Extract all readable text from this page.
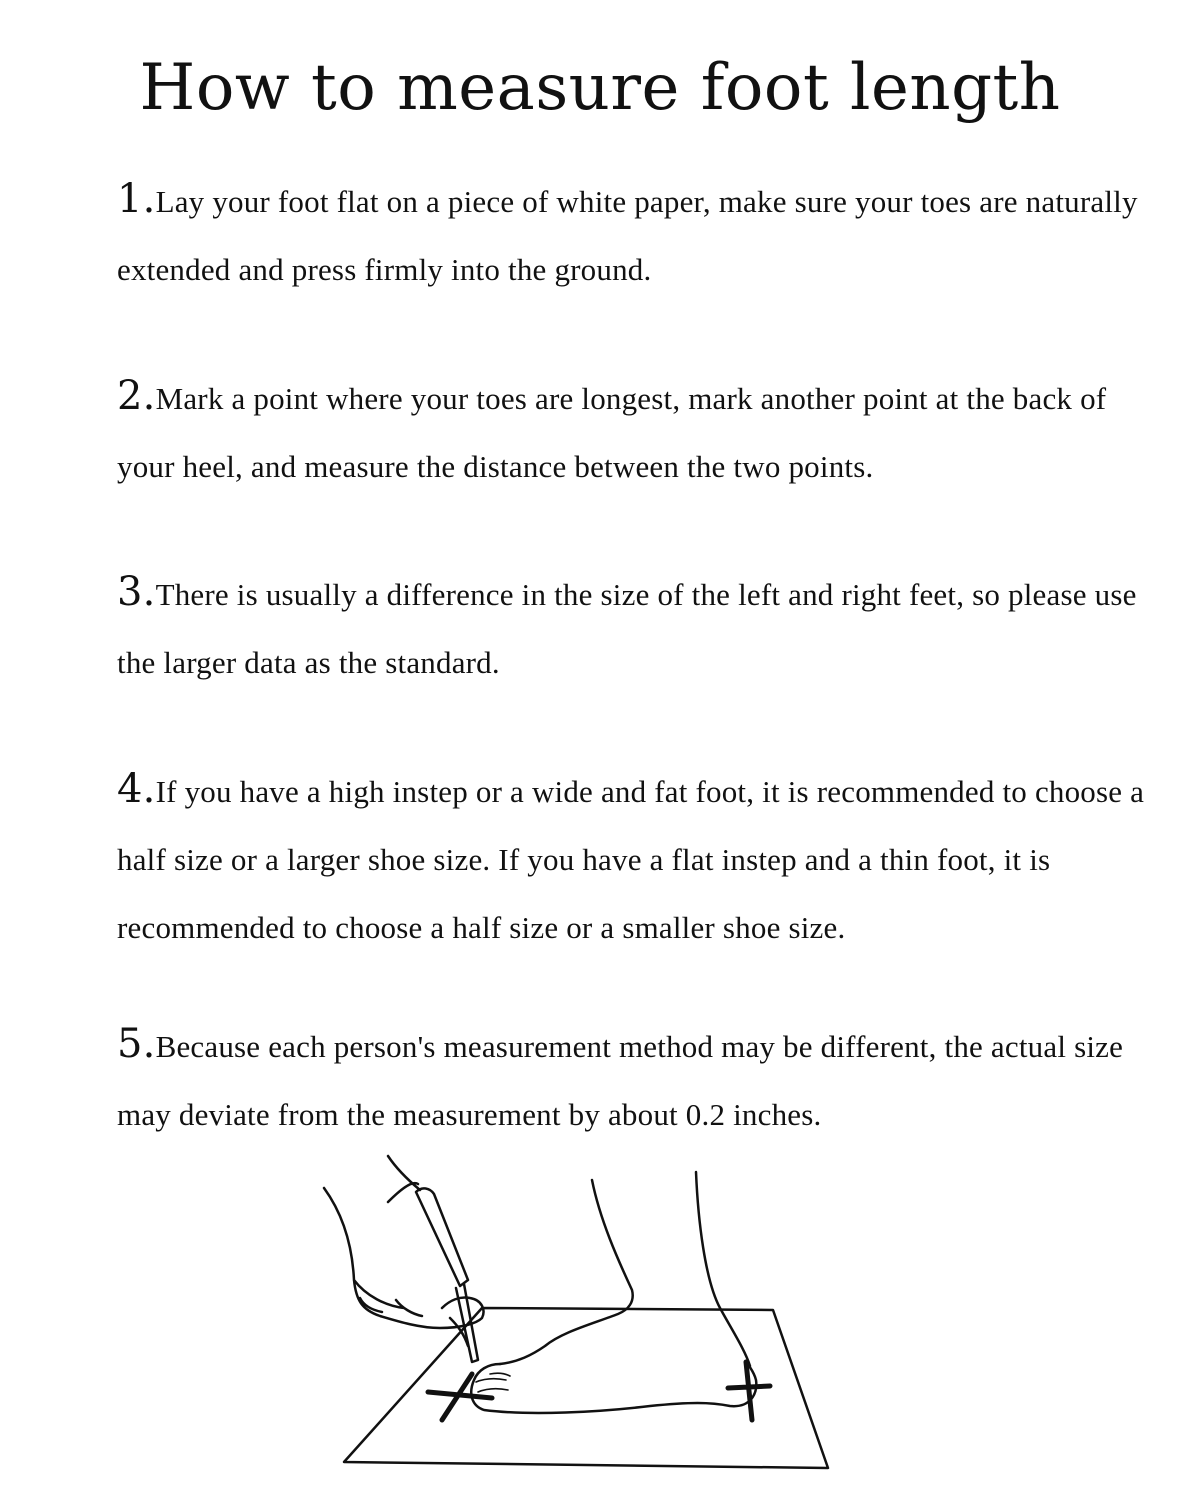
How to measure foot length

1.Lay your foot flat on a piece of white paper, make sure your toes are naturally extended and press firmly into the ground.

2.Mark a point where your toes are longest, mark another point at the back of your heel, and measure the distance between the two points.

3.There is usually a difference in the size of the left and right feet, so please use the larger data as the standard.

4.If you have a high instep or a wide and fat foot, it is recommended to choose a half size or a larger shoe size. If you have a flat instep and a thin foot, it is recommended to choose a half size or a smaller shoe size.

5.Because each person's measurement method may be different, the actual size may deviate from the measurement by about 0.2 inches.
